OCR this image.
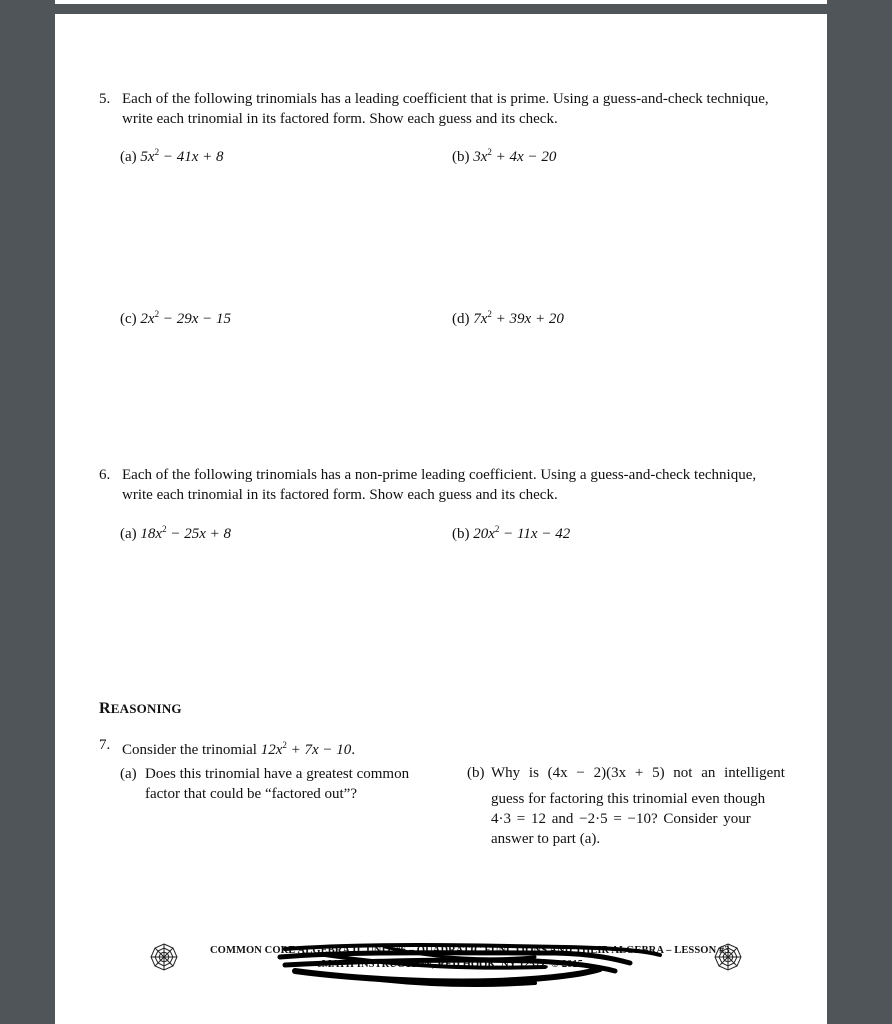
5. Each of the following trinomials has a leading coefficient that is prime. Using a guess-and-check technique,
write each trinomial in its factored form. Show each guess and its check.
(a) $5x^2 - 41x + 8$	(b) $3x^2 + 4x - 20$
(c) $2x^2 - 29x - 15$	(d) $7x^2 + 39x + 20$
6. Each of the following trinomials has a non-prime leading coefficient. Using a guess-and-check technique,
write each trinomial in its factored form. Show each guess and its check.
(a) $18x^2 - 25x + 8$	(b) $20x^2 - 11x - 42$
REASONING
7. Consider the trinomial $12x^2 + 7x - 10$.
(a) Does this trinomial have a greatest common
factor that could be “factored out”?
(b) Why is (4x − 2)(3x + 5) not an intelligent
guess for factoring this trinomial even though
4·3 = 12 and −2·5 = −10? Consider your
answer to part (a).
COMMON CORE ALGEBRA II, UNIT #6 – QUADRATIC FUNCTIONS AND THEIR ALGEBRA – LESSON #3
eMATH INSTRUCTION, RED HOOK, NY 12571, © 2015
